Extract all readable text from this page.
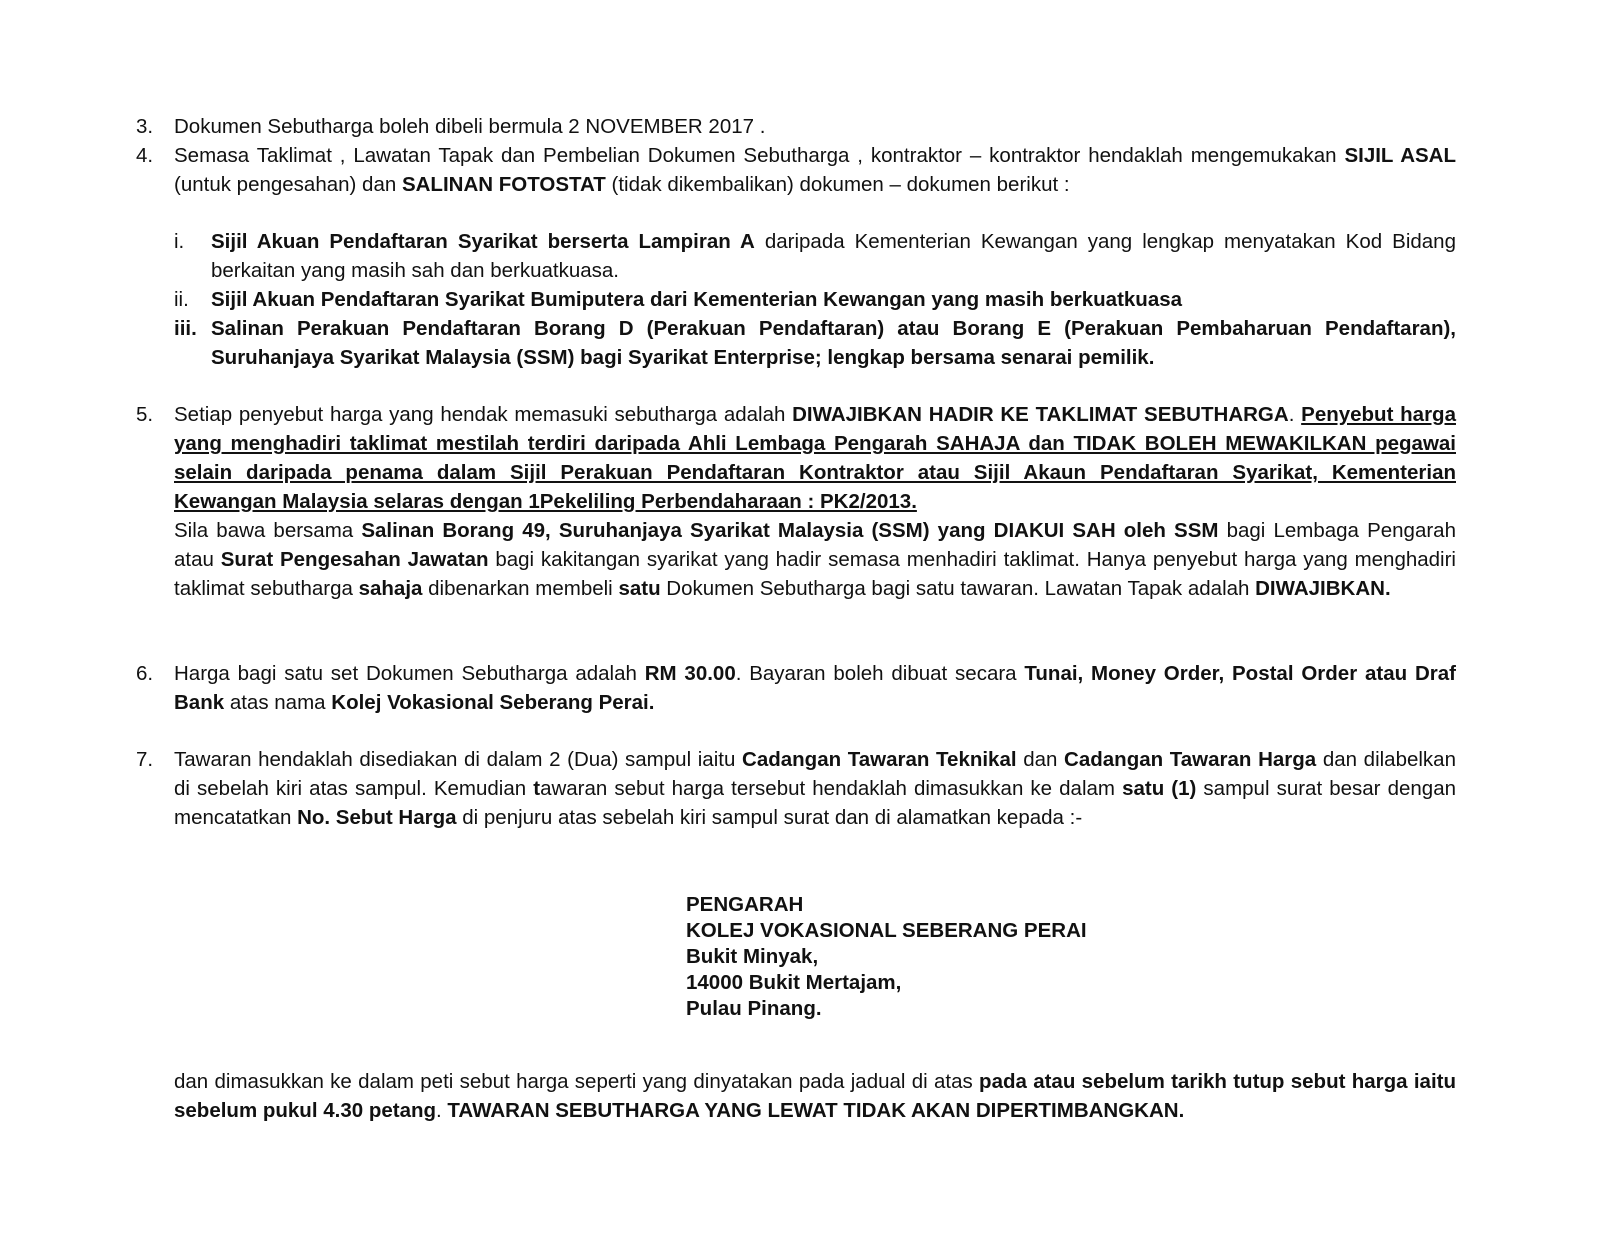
3.	Dokumen Sebutharga boleh dibeli bermula 2 NOVEMBER 2017 .
4.	Semasa Taklimat , Lawatan Tapak dan Pembelian Dokumen Sebutharga , kontraktor – kontraktor hendaklah mengemukakan SIJIL ASAL (untuk pengesahan) dan SALINAN FOTOSTAT (tidak dikembalikan) dokumen – dokumen berikut :
i.	Sijil Akuan Pendaftaran Syarikat berserta Lampiran A daripada Kementerian Kewangan yang lengkap menyatakan Kod Bidang berkaitan yang masih sah dan berkuatkuasa.
ii.	Sijil Akuan Pendaftaran Syarikat Bumiputera dari Kementerian Kewangan yang masih berkuatkuasa
iii. Salinan Perakuan Pendaftaran Borang D (Perakuan Pendaftaran) atau Borang E (Perakuan Pembaharuan Pendaftaran), Suruhanjaya Syarikat Malaysia (SSM) bagi Syarikat Enterprise; lengkap bersama senarai pemilik.
5.	Setiap penyebut harga yang hendak memasuki sebutharga adalah DIWAJIBKAN HADIR KE TAKLIMAT SEBUTHARGA. Penyebut harga yang menghadiri taklimat mestilah terdiri daripada Ahli Lembaga Pengarah SAHAJA dan TIDAK BOLEH MEWAKILKAN pegawai selain daripada penama dalam Sijil Perakuan Pendaftaran Kontraktor atau Sijil Akaun Pendaftaran Syarikat, Kementerian Kewangan Malaysia selaras dengan 1Pekeliling Perbendaharaan : PK2/2013.
Sila bawa bersama Salinan Borang 49, Suruhanjaya Syarikat Malaysia (SSM) yang DIAKUI SAH oleh SSM bagi Lembaga Pengarah atau Surat Pengesahan Jawatan bagi kakitangan syarikat yang hadir semasa menhadiri taklimat. Hanya penyebut harga yang menghadiri taklimat sebutharga sahaja dibenarkan membeli satu Dokumen Sebutharga bagi satu tawaran. Lawatan Tapak adalah DIWAJIBKAN.
6.	Harga bagi satu set Dokumen Sebutharga adalah RM 30.00. Bayaran boleh dibuat secara Tunai, Money Order, Postal Order atau Draf Bank atas nama Kolej Vokasional Seberang Perai.
7.	Tawaran hendaklah disediakan di dalam 2 (Dua) sampul iaitu Cadangan Tawaran Teknikal dan Cadangan Tawaran Harga dan dilabelkan di sebelah kiri atas sampul. Kemudian tawaran sebut harga tersebut hendaklah dimasukkan ke dalam satu (1) sampul surat besar dengan mencatatkan No. Sebut Harga di penjuru atas sebelah kiri sampul surat dan di alamatkan kepada :-
PENGARAH
KOLEJ VOKASIONAL SEBERANG PERAI
Bukit Minyak,
14000 Bukit Mertajam,
Pulau Pinang.
dan dimasukkan ke dalam peti sebut harga seperti yang dinyatakan pada jadual di atas pada atau sebelum tarikh tutup sebut harga iaitu sebelum pukul 4.30 petang. TAWARAN SEBUTHARGA YANG LEWAT TIDAK AKAN DIPERTIMBANGKAN.
